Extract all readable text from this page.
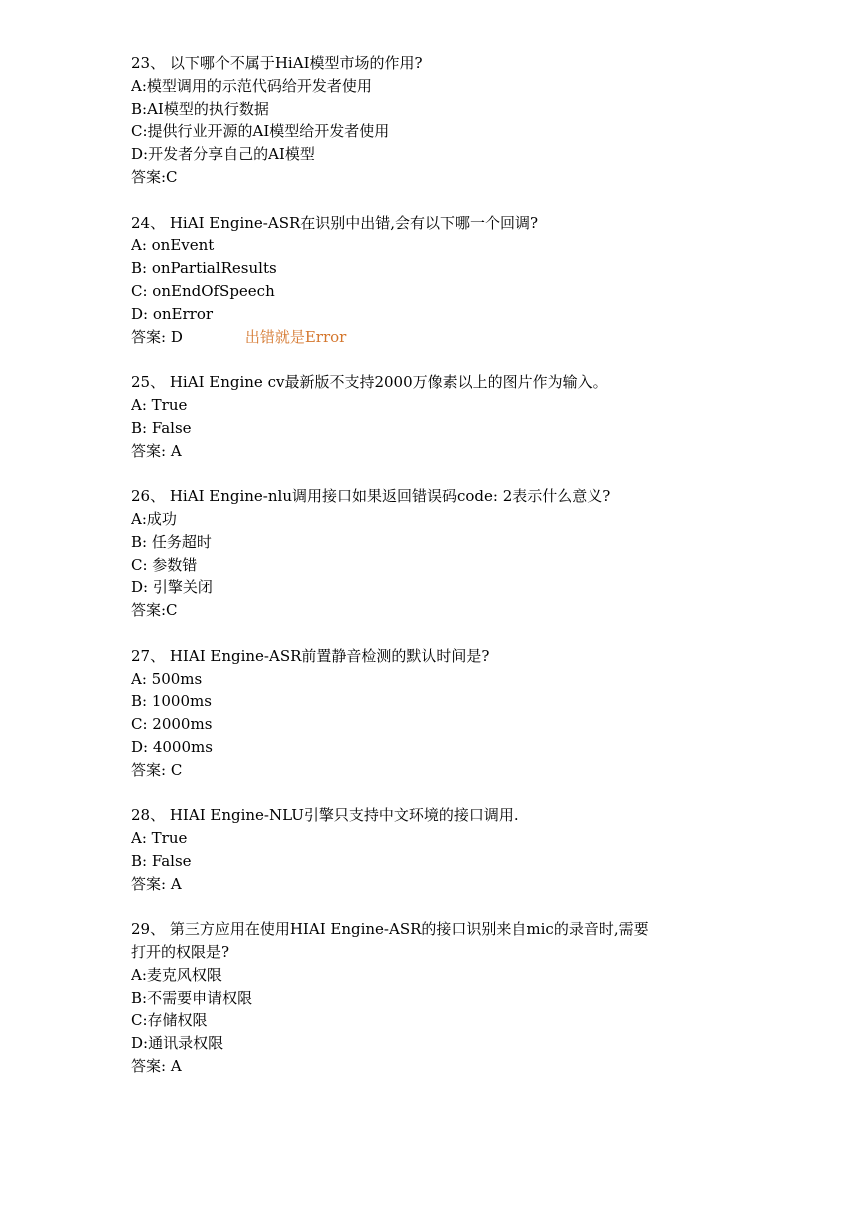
23、 以下哪个不属于HiAI模型市场的作用?
A:模型调用的示范代码给开发者使用
B:AI模型的执行数据
C:提供行业开源的AI模型给开发者使用
D:开发者分享自己的AI模型
答案:C
24、 HiAI Engine-ASR在识别中出错,会有以下哪一个回调?
A: onEvent
B: onPartialResults
C: onEndOfSpeech
D: onError
答案: D	出错就是Error
25、 HiAI Engine cv最新版不支持2000万像素以上的图片作为输入。
A: True
B: False
答案: A
26、 HiAI Engine-nlu调用接口如果返回错误码code: 2表示什么意义?
A:成功
B: 任务超时
C: 参数错
D: 引擎关闭
答案:C
27、 HIAI Engine-ASR前置静音检测的默认时间是?
A: 500ms
B: 1000ms
C: 2000ms
D: 4000ms
答案: C
28、 HIAI Engine-NLU引擎只支持中文环境的接口调用.
A: True
B: False
答案: A
29、 第三方应用在使用HIAI Engine-ASR的接口识别来自mic的录音时,需要
打开的权限是?
A:麦克风权限
B:不需要申请权限
C:存储权限
D:通讯录权限
答案: A
